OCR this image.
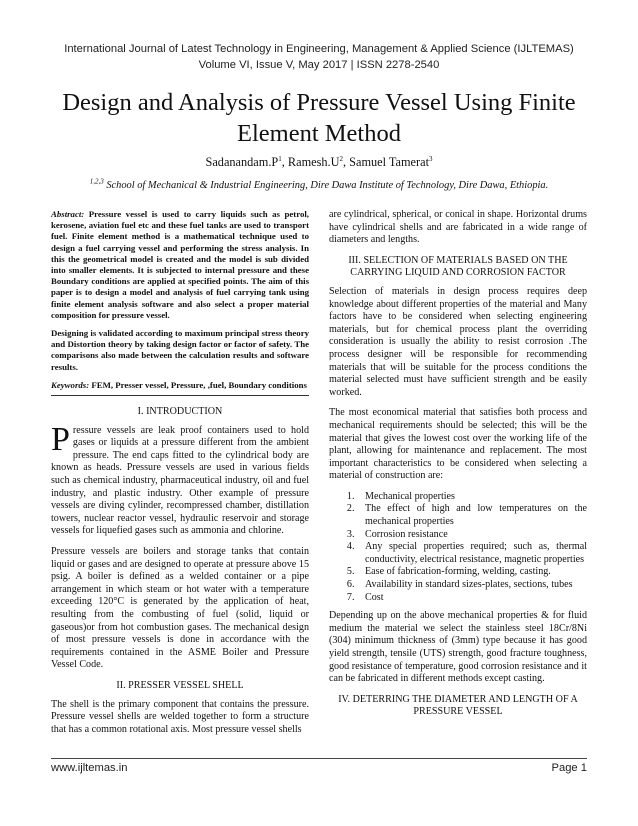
International Journal of Latest Technology in Engineering, Management & Applied Science (IJLTEMAS)
Volume VI, Issue V, May 2017 | ISSN 2278-2540
Design and Analysis of Pressure Vessel Using Finite Element Method
$Sadanandam.P^1$, $Ramesh.U^2$, Samuel Tamerat$^3$
$^{1,2,3}$ School of Mechanical & Industrial Engineering, Dire Dawa Institute of Technology, Dire Dawa, Ethiopia.

Abstract: Pressure vessel is used to carry liquids such as petrol, kerosene, aviation fuel etc and these fuel tanks are used to transport fuel. Finite element method is a mathematical technique used to design a fuel carrying vessel and performing the stress analysis. In this the geometrical model is created and the model is sub divided into smaller elements. It is subjected to internal pressure and these Boundary conditions are applied at specified points. The aim of this paper is to design a model and analysis of fuel carrying tank using finite element analysis software and also select a proper material composition for pressure vessel.

Designing is validated according to maximum principal stress theory and Distortion theory by taking design factor or factor of safety. The comparisons also made between the calculation results and software results.

Keywords: FEM, Presser vessel, Pressure, ,fuel, Boundary conditions

I. INTRODUCTION

Pressure vessels are leak proof containers used to hold gases or liquids at a pressure different from the ambient pressure. The end caps fitted to the cylindrical body are known as heads. Pressure vessels are used in various fields such as chemical industry, pharmaceutical industry, oil and fuel industry, and plastic industry. Other example of pressure vessels are diving cylinder, recompressed chamber, distillation towers, nuclear reactor vessel, hydraulic reservoir and storage vessels for liquefied gases such as ammonia and chlorine.

Pressure vessels are boilers and storage tanks that contain liquid or gases and are designed to operate at pressure above 15 psig. A boiler is defined as a welded container or a pipe arrangement in which steam or hot water with a temperature exceeding 120°C is generated by the application of heat, resulting from the combusting of fuel (solid, liquid or gaseous)or from hot combustion gases. The mechanical design of most pressure vessels is done in accordance with the requirements contained in the ASME Boiler and Pressure Vessel Code.

II. PRESSER VESSEL SHELL

The shell is the primary component that contains the pressure. Pressure vessel shells are welded together to form a structure that has a common rotational axis. Most pressure vessel shells

are cylindrical, spherical, or conical in shape. Horizontal drums have cylindrical shells and are fabricated in a wide range of diameters and lengths.

III. SELECTION OF MATERIALS BASED ON THE CARRYING LIQUID AND CORROSION FACTOR

Selection of materials in design process requires deep knowledge about different properties of the material and Many factors have to be considered when selecting engineering materials, but for chemical process plant the overriding consideration is usually the ability to resist corrosion .The process designer will be responsible for recommending materials that will be suitable for the process conditions the material selected must have sufficient strength and be easily worked.

The most economical material that satisfies both process and mechanical requirements should be selected; this will be the material that gives the lowest cost over the working life of the plant, allowing for maintenance and replacement. The most important characteristics to be considered when selecting a material of construction are:

1. Mechanical properties
2. The effect of high and low temperatures on the mechanical properties
3. Corrosion resistance
4. Any special properties required; such as, thermal conductivity, electrical resistance, magnetic properties
5. Ease of fabrication-forming, welding, casting.
6. Availability in standard sizes-plates, sections, tubes
7. Cost

Depending up on the above mechanical properties & for fluid medium the material we select the stainless steel 18Cr/8Ni (304) minimum thickness of (3mm) type because it has good yield strength, tensile (UTS) strength, good fracture toughness, good resistance of temperature, good corrosion resistance and it can be fabricated in different methods except casting.

IV. DETERRING THE DIAMETER AND LENGTH OF A PRESSURE VESSEL
www.ijltemas.in	Page 1
